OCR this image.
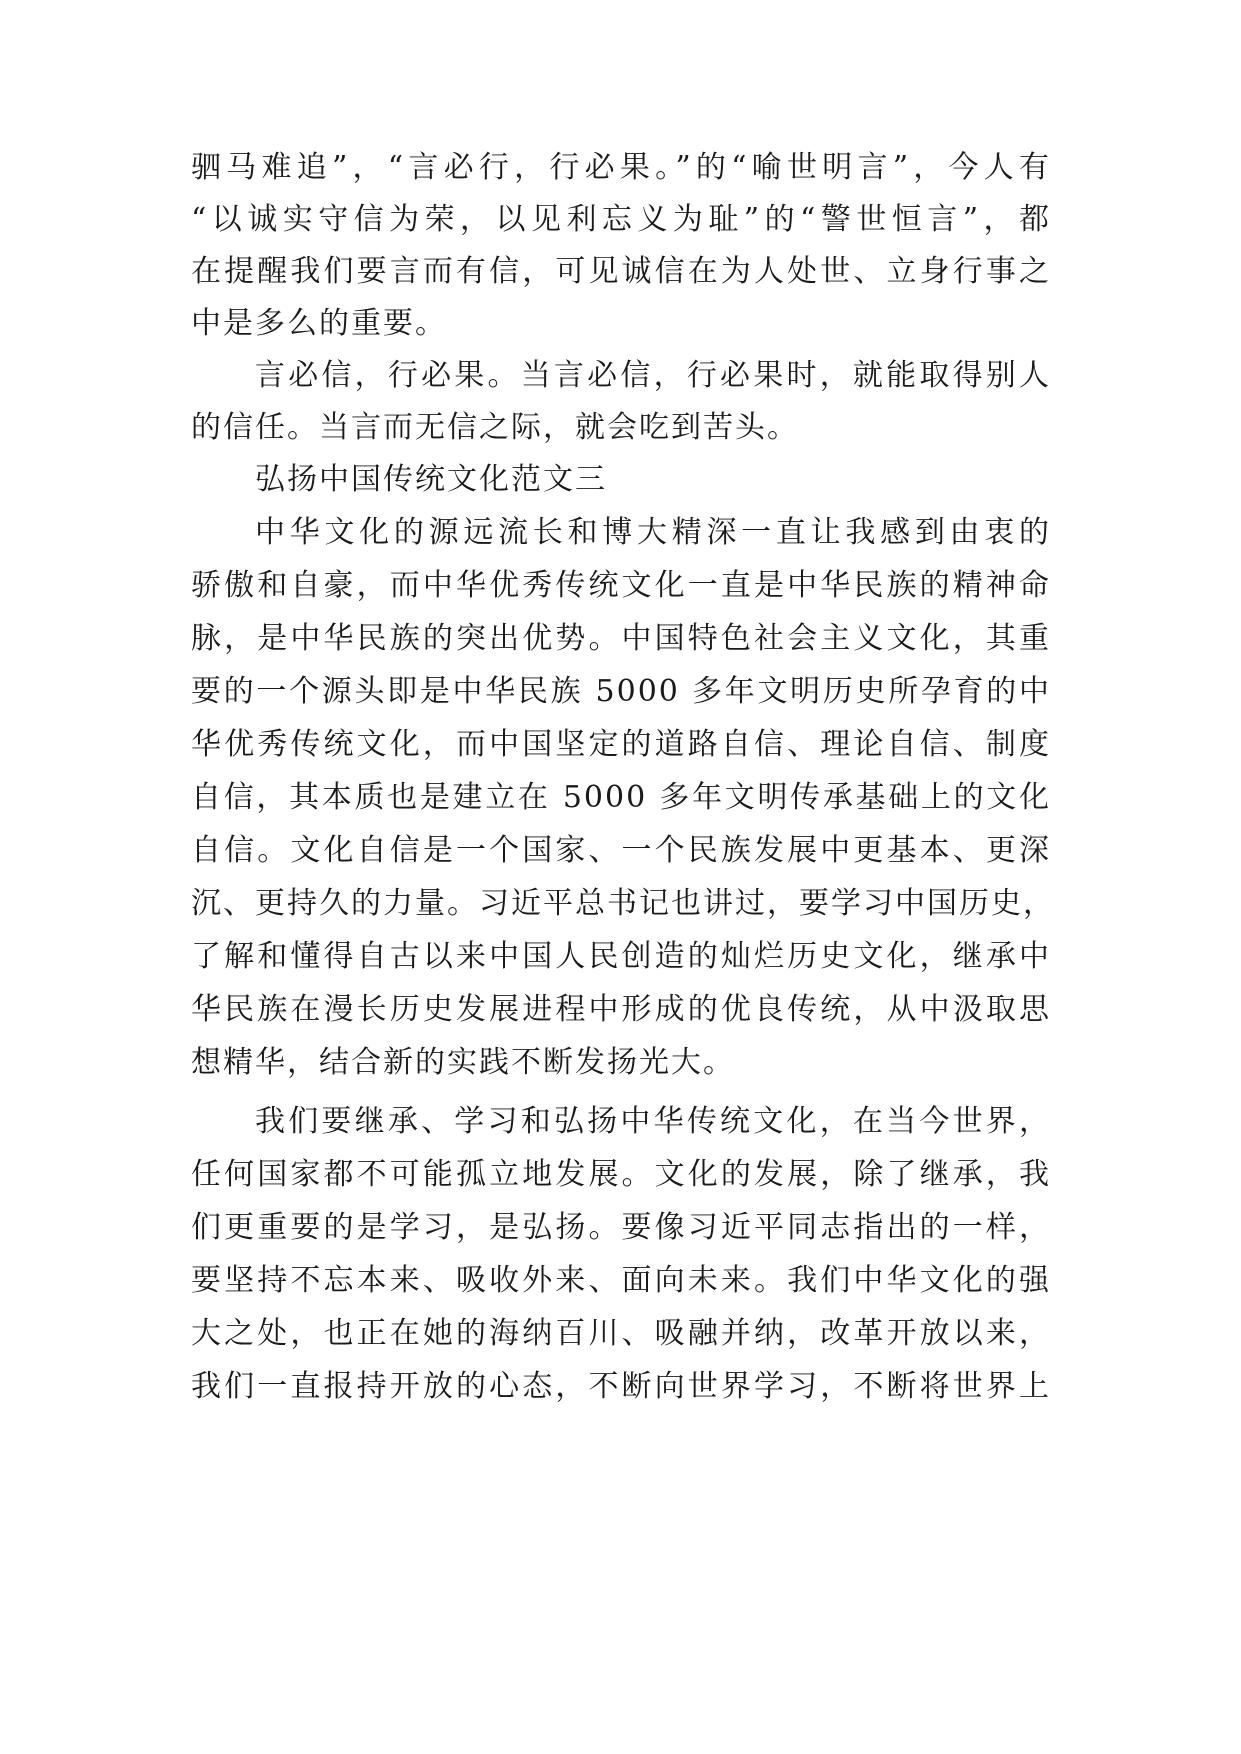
驷马难追”，“言必行，行必果。”的“喻世明言”，今人有
“以诚实守信为荣，以见利忘义为耻”的“警世恒言”，都
在提醒我们要言而有信，可见诚信在为人处世、立身行事之
中是多么的重要。
言必信，行必果。当言必信，行必果时，就能取得别人
的信任。当言而无信之际，就会吃到苦头。
弘扬中国传统文化范文三
中华文化的源远流长和博大精深一直让我感到由衷的
骄傲和自豪，而中华优秀传统文化一直是中华民族的精神命
脉，是中华民族的突出优势。中国特色社会主义文化，其重
要的一个源头即是中华民族 5000 多年文明历史所孕育的中
华优秀传统文化，而中国坚定的道路自信、理论自信、制度
自信，其本质也是建立在 5000 多年文明传承基础上的文化
自信。文化自信是一个国家、一个民族发展中更基本、更深
沉、更持久的力量。习近平总书记也讲过，要学习中国历史，
了解和懂得自古以来中国人民创造的灿烂历史文化，继承中
华民族在漫长历史发展进程中形成的优良传统，从中汲取思
想精华，结合新的实践不断发扬光大。
我们要继承、学习和弘扬中华传统文化，在当今世界，
任何国家都不可能孤立地发展。文化的发展，除了继承，我
们更重要的是学习，是弘扬。要像习近平同志指出的一样，
要坚持不忘本来、吸收外来、面向未来。我们中华文化的强
大之处，也正在她的海纳百川、吸融并纳，改革开放以来，
我们一直报持开放的心态，不断向世界学习，不断将世界上
